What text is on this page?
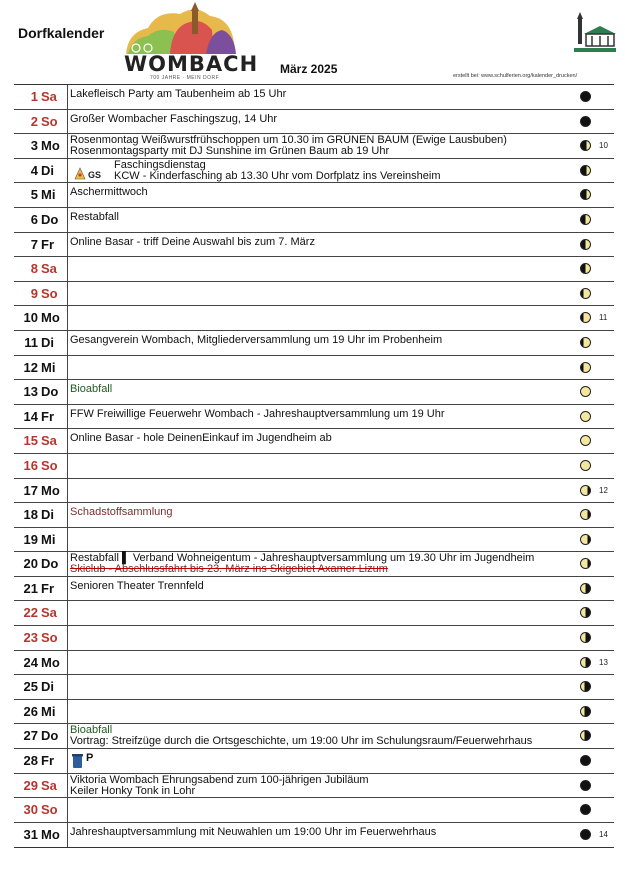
Dorfkalender
WOMBACH
700 JAHRE · MEIN DORF
März 2025	erstellt bei: www.schulferien.org/kalender_drucken/
1 Sa	Lakefleisch Party am Taubenheim ab 15 Uhr
2 So	Großer Wombacher Faschingszug, 14 Uhr
3 Mo Rosenmontag Weißwurstfrühschoppen um 10.30 im GRÜNEN BAUM (Ewige Lausbuben)
Rosenmontagsparty mit DJ Sunshine im Grünen Baum ab 19 Uhr	10
4 Di	GS
Faschingsdienstag
KCW - Kinderfasching ab 13.30 Uhr vom Dorfplatz ins Vereinsheim
5 Mi	Aschermittwoch
6 Do	Restabfall
7 Fr	Online Basar - triff Deine Auswahl bis zum 7. März
8 Sa
9 So
10 Mo	11
11 Di	Gesangverein Wombach, Mitgliederversammlung um 19 Uhr im Probenheim
12 Mi
13 Do	Bioabfall
14 Fr	FFW Freiwillige Feuerwehr Wombach - Jahreshauptversammlung um 19 Uhr
15 Sa	Online Basar - hole DeinenEinkauf im Jugendheim ab
16 So
17 Mo	12
18 Di	Schadstoffsammlung
19 Mi
20 Do	Restabfall ▌ Verband Wohneigentum - Jahreshauptversammlung um 19.30 Uhr im Jugendheim
Skiclub - Abschlussfahrt bis 23. März ins Skigebiet Axamer Lizum
21 Fr	Senioren Theater Trennfeld
22 Sa
23 So
24 Mo	13
25 Di
26 Mi
27 Do	Bioabfall
Vortrag: Streifzüge durch die Ortsgeschichte, um 19:00 Uhr im Schulungsraum/Feuerwehrhaus
28 Fr	P
29 Sa	Viktoria Wombach Ehrungsabend zum 100-jährigen Jubiläum
Keiler Honky Tonk in Lohr
30 So
31 Mo Jahreshauptversammlung mit Neuwahlen um 19:00 Uhr im Feuerwehrhaus	14
